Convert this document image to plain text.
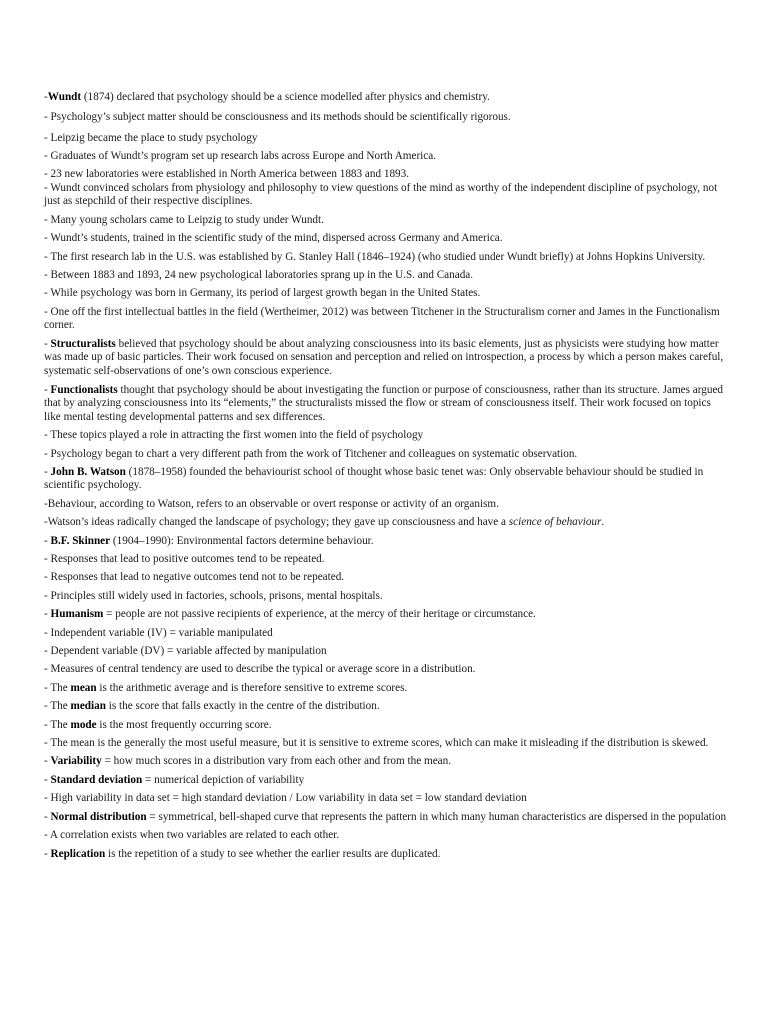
-Wundt (1874) declared that psychology should be a science modelled after physics and chemistry.

- Psychology’s subject matter should be consciousness and its methods should be scientifically rigorous.

- Leipzig became the place to study psychology

- Graduates of Wundt’s program set up research labs across Europe and North America.

- 23 new laboratories were established in North America between 1883 and 1893.

- Wundt convinced scholars from physiology and philosophy to view questions of the mind as worthy of the independent discipline of psychology, not just as stepchild of their respective disciplines.

- Many young scholars came to Leipzig to study under Wundt.

- Wundt’s students, trained in the scientific study of the mind, dispersed across Germany and America.

- The first research lab in the U.S. was established by G. Stanley Hall (1846–1924) (who studied under Wundt briefly) at Johns Hopkins University.

- Between 1883 and 1893, 24 new psychological laboratories sprang up in the U.S. and Canada.

- While psychology was born in Germany, its period of largest growth began in the United States.

- One off the first intellectual battles in the field (Wertheimer, 2012) was between Titchener in the Structuralism corner and James in the Functionalism corner.

- Structuralists believed that psychology should be about analyzing consciousness into its basic elements, just as physicists were studying how matter was made up of basic particles. Their work focused on sensation and perception and relied on introspection, a process by which a person makes careful, systematic self-observations of one’s own conscious experience.

- Functionalists thought that psychology should be about investigating the function or purpose of consciousness, rather than its structure. James argued that by analyzing consciousness into its “elements,” the structuralists missed the flow or stream of consciousness itself. Their work focused on topics like mental testing developmental patterns and sex differences.

- These topics played a role in attracting the first women into the field of psychology

- Psychology began to chart a very different path from the work of Titchener and colleagues on systematic observation.

- John B. Watson (1878–1958) founded the behaviourist school of thought whose basic tenet was: Only observable behaviour should be studied in scientific psychology.

-Behaviour, according to Watson, refers to an observable or overt response or activity of an organism.

-Watson’s ideas radically changed the landscape of psychology; they gave up consciousness and have a science of behaviour.

- B.F. Skinner (1904–1990): Environmental factors determine behaviour.

- Responses that lead to positive outcomes tend to be repeated.

- Responses that lead to negative outcomes tend not to be repeated.

- Principles still widely used in factories, schools, prisons, mental hospitals.

- Humanism = people are not passive recipients of experience, at the mercy of their heritage or circumstance.

- Independent variable (IV) = variable manipulated

- Dependent variable (DV) = variable affected by manipulation

- Measures of central tendency are used to describe the typical or average score in a distribution.

- The mean is the arithmetic average and is therefore sensitive to extreme scores.

- The median is the score that falls exactly in the centre of the distribution.

- The mode is the most frequently occurring score.

- The mean is the generally the most useful measure, but it is sensitive to extreme scores, which can make it misleading if the distribution is skewed.

- Variability = how much scores in a distribution vary from each other and from the mean.

- Standard deviation = numerical depiction of variability

- High variability in data set = high standard deviation / Low variability in data set = low standard deviation

- Normal distribution = symmetrical, bell-shaped curve that represents the pattern in which many human characteristics are dispersed in the population

- A correlation exists when two variables are related to each other.

- Replication is the repetition of a study to see whether the earlier results are duplicated.
